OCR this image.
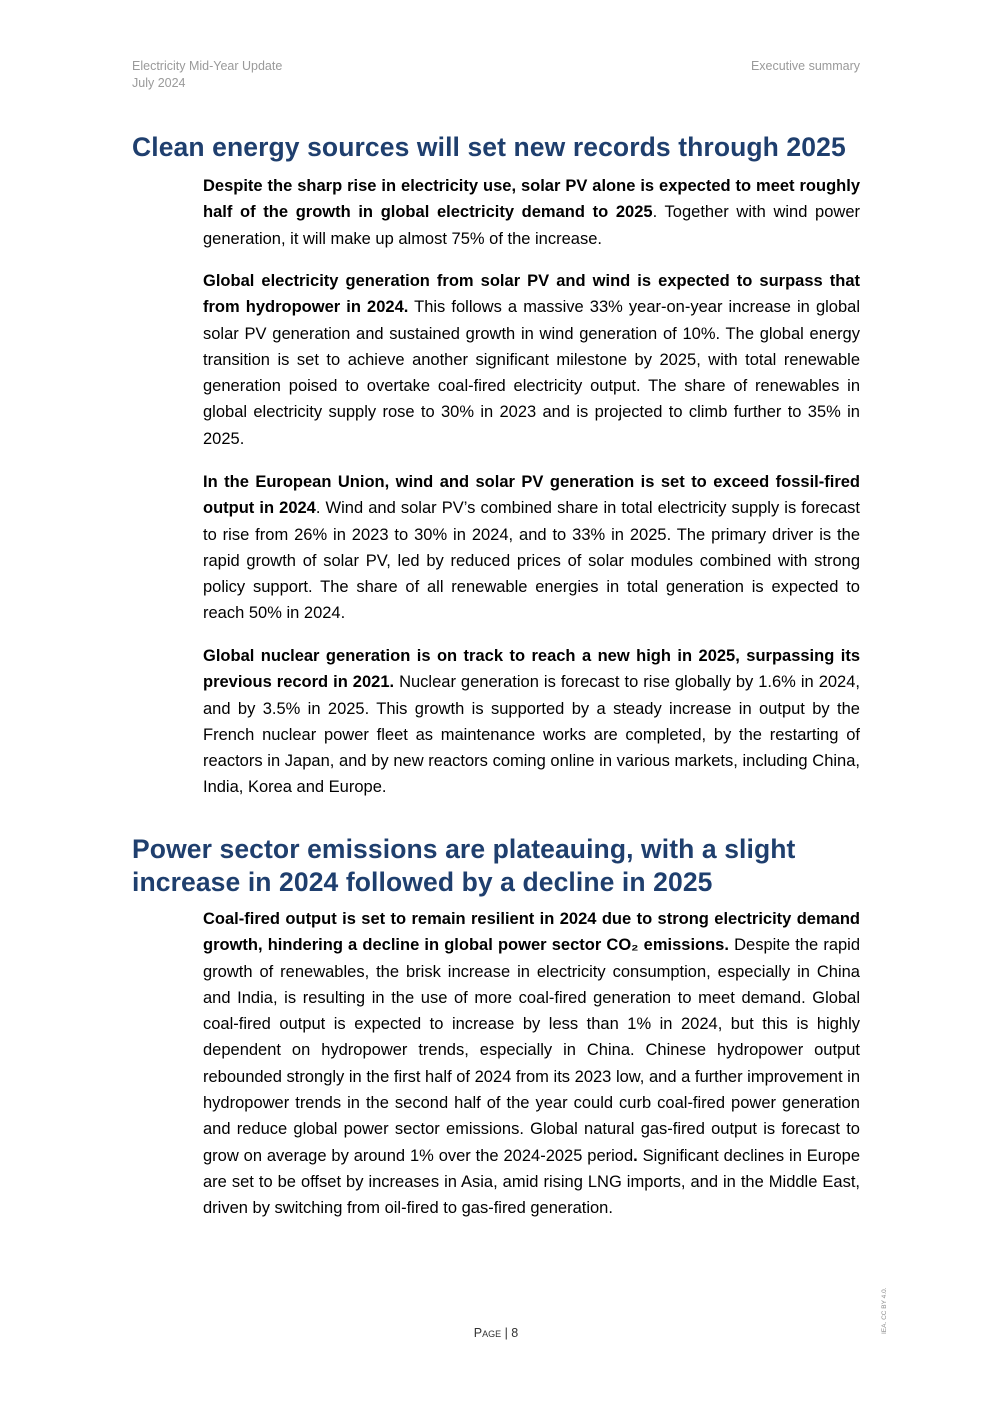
Electricity Mid-Year Update
July 2024
Executive summary
Clean energy sources will set new records through 2025

Despite the sharp rise in electricity use, solar PV alone is expected to meet roughly half of the growth in global electricity demand to 2025. Together with wind power generation, it will make up almost 75% of the increase.

Global electricity generation from solar PV and wind is expected to surpass that from hydropower in 2024. This follows a massive 33% year-on-year increase in global solar PV generation and sustained growth in wind generation of 10%. The global energy transition is set to achieve another significant milestone by 2025, with total renewable generation poised to overtake coal-fired electricity output. The share of renewables in global electricity supply rose to 30% in 2023 and is projected to climb further to 35% in 2025.

In the European Union, wind and solar PV generation is set to exceed fossil-fired output in 2024. Wind and solar PV’s combined share in total electricity supply is forecast to rise from 26% in 2023 to 30% in 2024, and to 33% in 2025. The primary driver is the rapid growth of solar PV, led by reduced prices of solar modules combined with strong policy support. The share of all renewable energies in total generation is expected to reach 50% in 2024.

Global nuclear generation is on track to reach a new high in 2025, surpassing its previous record in 2021. Nuclear generation is forecast to rise globally by 1.6% in 2024, and by 3.5% in 2025. This growth is supported by a steady increase in output by the French nuclear power fleet as maintenance works are completed, by the restarting of reactors in Japan, and by new reactors coming online in various markets, including China, India, Korea and Europe.

Power sector emissions are plateauing, with a slight increase in 2024 followed by a decline in 2025

Coal-fired output is set to remain resilient in 2024 due to strong electricity demand growth, hindering a decline in global power sector CO₂ emissions. Despite the rapid growth of renewables, the brisk increase in electricity consumption, especially in China and India, is resulting in the use of more coal-fired generation to meet demand. Global coal-fired output is expected to increase by less than 1% in 2024, but this is highly dependent on hydropower trends, especially in China. Chinese hydropower output rebounded strongly in the first half of 2024 from its 2023 low, and a further improvement in hydropower trends in the second half of the year could curb coal-fired power generation and reduce global power sector emissions. Global natural gas-fired output is forecast to grow on average by around 1% over the 2024-2025 period. Significant declines in Europe are set to be offset by increases in Asia, amid rising LNG imports, and in the Middle East, driven by switching from oil-fired to gas-fired generation.

Page | 8	IEA. CC BY 4.0.
